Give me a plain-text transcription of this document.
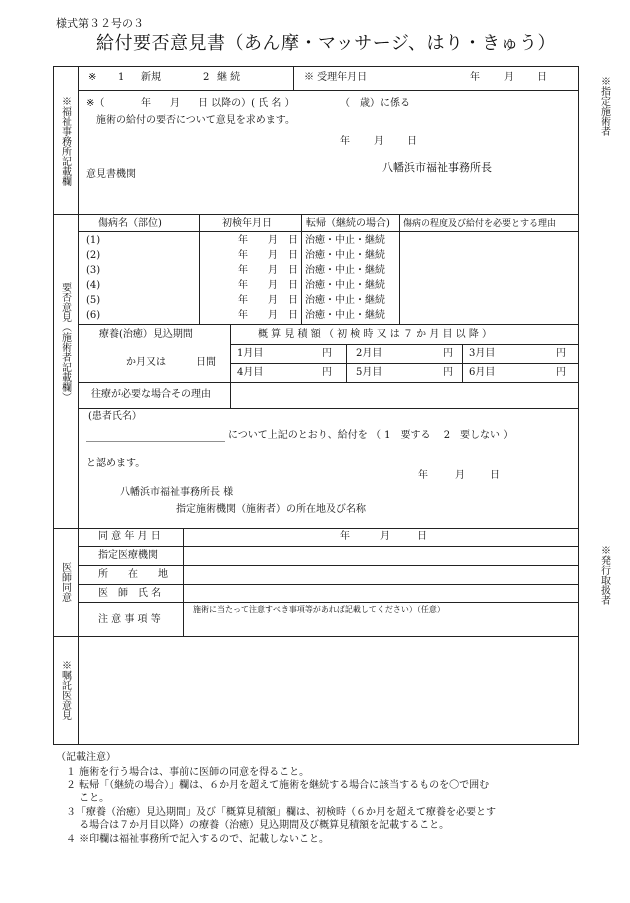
様式第３２号の３
給付要否意見書（あん摩・マッサージ、はり・きゅう）
※福祉事務所記載欄
要否意見（施術者記載欄）
医師同意
※嘱託医意見
※指定施術者
※発行取扱者
※ 1 新規	2 継 続	※ 受理年月日	年 月 日
※（	年 月 日 以降の）( 氏 名 ）	（　歳）に係る
施術の給付の要否について意見を求めます。
年 月 日
意見書機関
八幡浜市福祉事務所長
傷病名（部位)	初検年月日	転帰（継続の場合) 傷病の程度及び給付を必要とする理由
(1)	年　　月　日 治癒・中止・継続
(2)	年　　月　日 治癒・中止・継続
(3)	年　　月　日 治癒・中止・継続
(4)	年　　月　日 治癒・中止・継続
(5)	年　　月　日 治癒・中止・継続
(6)	年　　月　日 治癒・中止・継続
療養(治癒）見込期間
か月又は　　　日間
概 算 見 積 額 （ 初 検 時 又 は ７ か 月 目 以 降 ）
1月目	円 2月目	円 3月目	円
4月目	円 5月目	円 6月目	円
往療が必要な場合その理由
(患者氏名）
について上記のとおり、給付を （ 1　要する　 2　要しない ）
と認めます。
年	月	日
八幡浜市福祉事務所長 様
指定施術機関（施術者）の所在地及び名称
同 意 年 月 日	年	月	日
指定医療機関
所　　在　　地
医　師　氏 名
注 意 事 項 等
施術に当たって注意すべき事項等があれば記載してください）（任意）
（記載注意）
１ 施術を行う場合は、事前に医師の同意を得ること。
２ 転帰「（継続の場合）」欄は、６か月を超えて施術を継続する場合に該当するものを〇で囲む
　 こと。
３「療養（治癒）見込期間」及び「概算見積額」欄は、初検時（６か月を超えて療養を必要とす
　 る場合は７か月目以降）の療養（治癒）見込期間及び概算見積額を記載すること。
４ ※印欄は福祉事務所で記入するので、記載しないこと。
